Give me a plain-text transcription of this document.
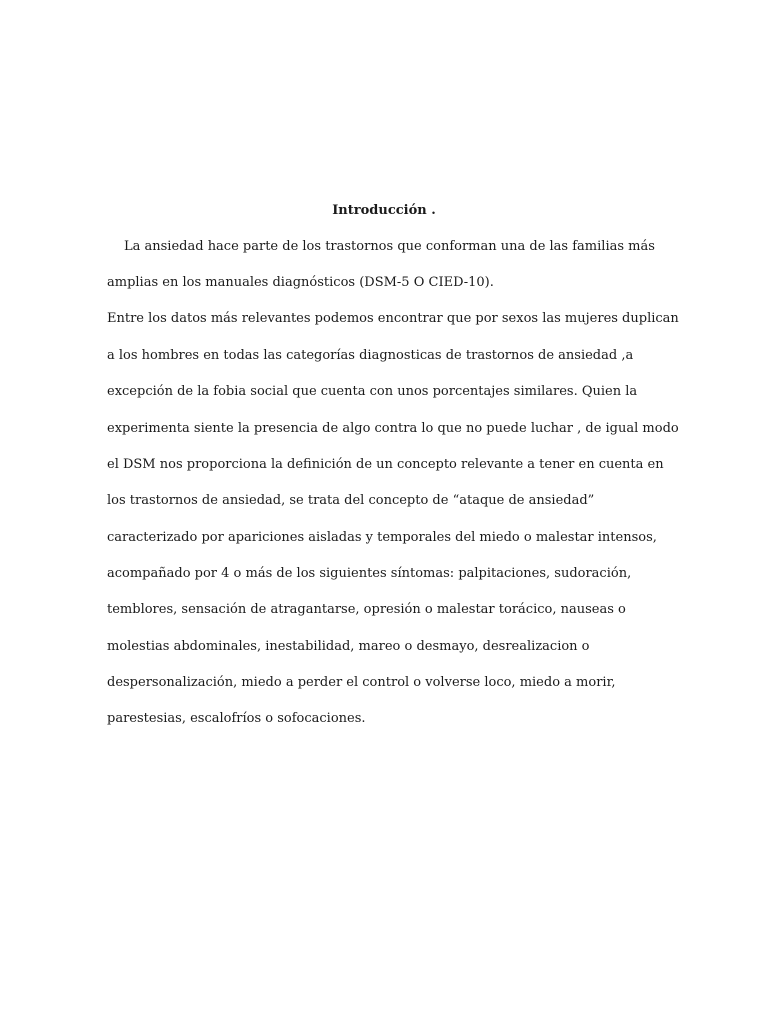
Introducción .

La ansiedad hace parte de los trastornos que conforman una de las familias más

amplias en los manuales diagnósticos (DSM-5 O CIED-10).

Entre los datos más relevantes podemos encontrar que por sexos las mujeres duplican

a los hombres en todas las categorías diagnosticas de trastornos de ansiedad ,a

excepción de la fobia social que cuenta con unos porcentajes similares. Quien la

experimenta siente la presencia de algo contra lo que no puede luchar , de igual modo

el DSM nos proporciona la definición de un concepto relevante a tener en cuenta en

los trastornos de ansiedad, se trata del concepto de “ataque de ansiedad”

caracterizado por apariciones aisladas y temporales del miedo o malestar intensos,

acompañado por 4 o más de los siguientes síntomas: palpitaciones, sudoración,

temblores, sensación de atragantarse, opresión o malestar torácico, nauseas o

molestias abdominales, inestabilidad, mareo o desmayo, desrealizacion o

despersonalización, miedo a perder el control o volverse loco, miedo a morir,

parestesias, escalofríos o sofocaciones.
